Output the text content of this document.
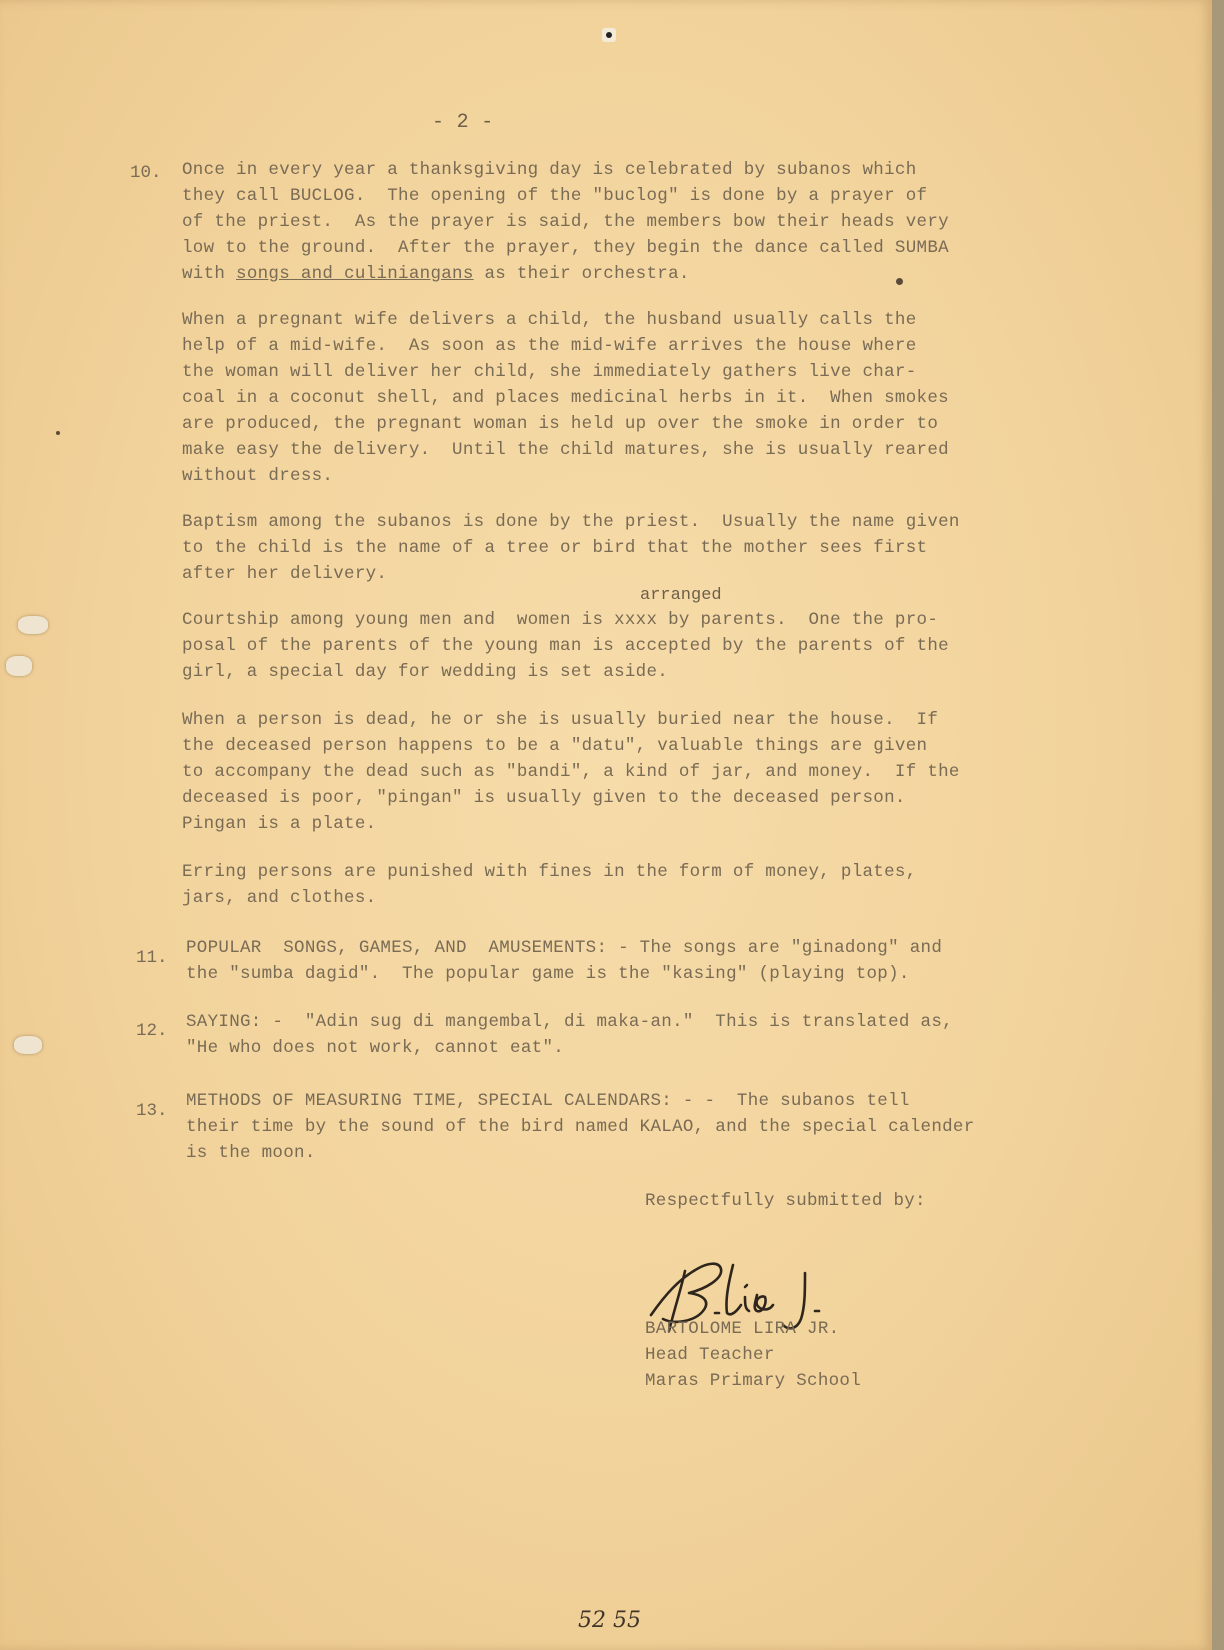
- 2 -
10. Once in every year a thanksgiving day is celebrated by subanos which
they call BUCLOG.  The opening of the "buclog" is done by a prayer of
of the priest.  As the prayer is said, the members bow their heads very
low to the ground.  After the prayer, they begin the dance called SUMBA
with songs and culiniangans as their orchestra.
When a pregnant wife delivers a child, the husband usually calls the
help of a mid-wife.  As soon as the mid-wife arrives the house where
the woman will deliver her child, she immediately gathers live char-
coal in a coconut shell, and places medicinal herbs in it.  When smokes
are produced, the pregnant woman is held up over the smoke in order to
make easy the delivery.  Until the child matures, she is usually reared
without dress.
Baptism among the subanos is done by the priest.  Usually the name given
to the child is the name of a tree or bird that the mother sees first
after her delivery.
arranged
Courtship among young men and  women is xxxx by parents.  One the pro-
posal of the parents of the young man is accepted by the parents of the
girl, a special day for wedding is set aside.
When a person is dead, he or she is usually buried near the house.  If
the deceased person happens to be a "datu", valuable things are given
to accompany the dead such as "bandi", a kind of jar, and money.  If the
deceased is poor, "pingan" is usually given to the deceased person.
Pingan is a plate.
Erring persons are punished with fines in the form of money, plates,
jars, and clothes.
11. POPULAR  SONGS, GAMES, AND  AMUSEMENTS: - The songs are "ginadong" and
the "sumba dagid".  The popular game is the "kasing" (playing top).
12. SAYING: -  "Adin sug di mangembal, di maka-an."  This is translated as,
"He who does not work, cannot eat".
13. METHODS OF MEASURING TIME, SPECIAL CALENDARS: - -  The subanos tell
their time by the sound of the bird named KALAO, and the special calender
is the moon.
Respectfully submitted by:
BARTOLOME LIRA JR.
Head Teacher
Maras Primary School
52 55
